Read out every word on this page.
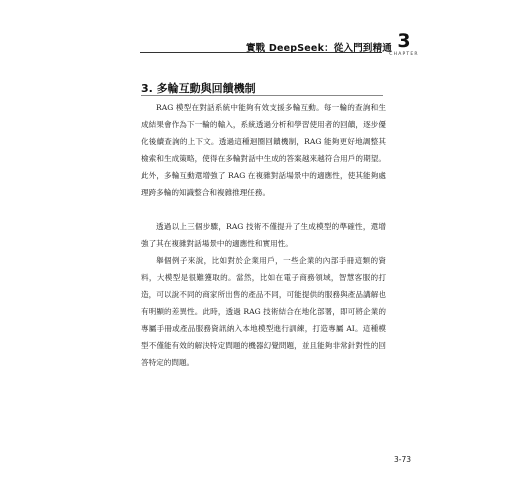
實戰 DeepSeek：從入門到精通 3
CHAPTER
3. 多輪互動與回饋機制

RAG 模型在對話系統中能夠有效支援多輪互動。每一輪的查詢和生成結果會作為下一輪的輸入，系統透過分析和學習使用者的回饋，逐步優化後續查詢的上下文。透過這種迴圈回饋機制，RAG 能夠更好地調整其檢索和生成策略，使得在多輪對話中生成的答案越來越符合用戶的期望。此外，多輪互動還增強了 RAG 在複雜對話場景中的適應性，使其能夠處理跨多輪的知識整合和複雜推理任務。

透過以上三個步驟，RAG 技術不僅提升了生成模型的準確性，還增強了其在複雜對話場景中的適應性和實用性。

舉個例子來說，比如對於企業用戶，一些企業的內部手冊這類的資料，大模型是很難獲取的。當然，比如在電子商務領域，智慧客服的打造，可以說不同的商家所出售的產品不同，可能提供的服務與產品講解也有明顯的差異性。此時，透過 RAG 技術結合在地化部署，即可將企業的專屬手冊或產品服務資訊納入本地模型進行訓練，打造專屬 AI。這種模型不僅能有效的解決特定問題的機器幻覺問題，並且能夠非常針對性的回答特定的問題。

3-73
